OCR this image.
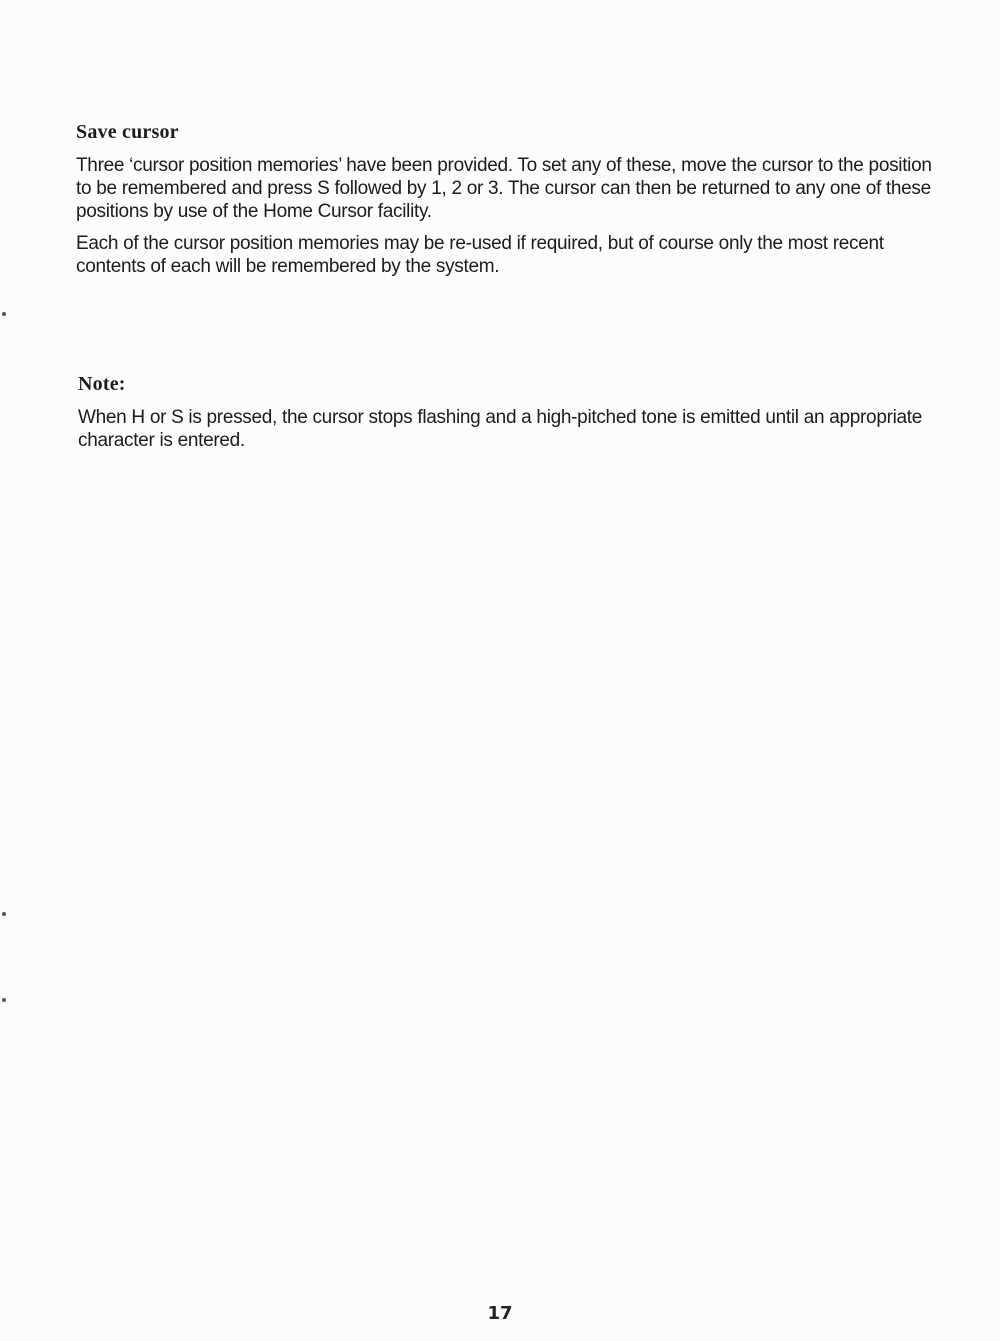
Save cursor

Three ‘cursor position memories’ have been provided. To set any of these, move the cursor to the position to be remembered and press S followed by 1, 2 or 3. The cursor can then be returned to any one of these positions by use of the Home Cursor facility.

Each of the cursor position memories may be re-used if required, but of course only the most recent contents of each will be remembered by the system.

Note:

When H or S is pressed, the cursor stops flashing and a high-pitched tone is emitted until an appropriate character is entered.

17
